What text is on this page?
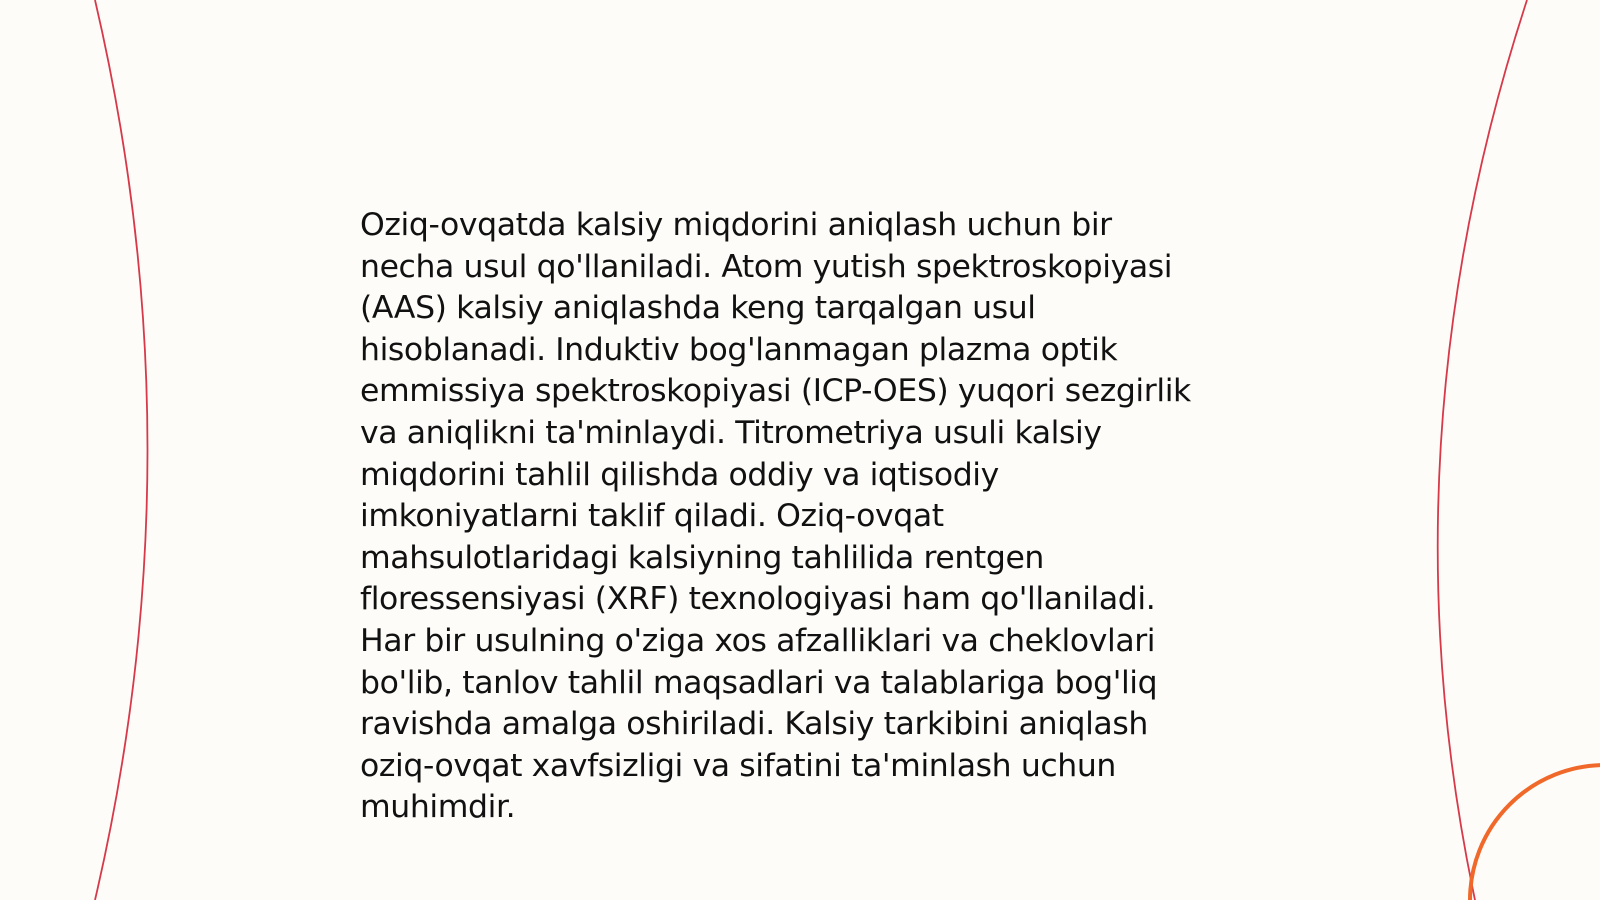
Oziq-ovqatda kalsiy miqdorini aniqlash uchun bir
necha usul qo'llaniladi. Atom yutish spektroskopiyasi
(AAS) kalsiy aniqlashda keng tarqalgan usul
hisoblanadi. Induktiv bog'lanmagan plazma optik
emmissiya spektroskopiyasi (ICP-OES) yuqori sezgirlik
va aniqlikni ta'minlaydi. Titrometriya usuli kalsiy
miqdorini tahlil qilishda oddiy va iqtisodiy
imkoniyatlarni taklif qiladi. Oziq-ovqat
mahsulotlaridagi kalsiyning tahlilida rentgen
floressensiyasi (XRF) texnologiyasi ham qo'llaniladi.
Har bir usulning o'ziga xos afzalliklari va cheklovlari
bo'lib, tanlov tahlil maqsadlari va talablariga bog'liq
ravishda amalga oshiriladi. Kalsiy tarkibini aniqlash
oziq-ovqat xavfsizligi va sifatini ta'minlash uchun
muhimdir.
